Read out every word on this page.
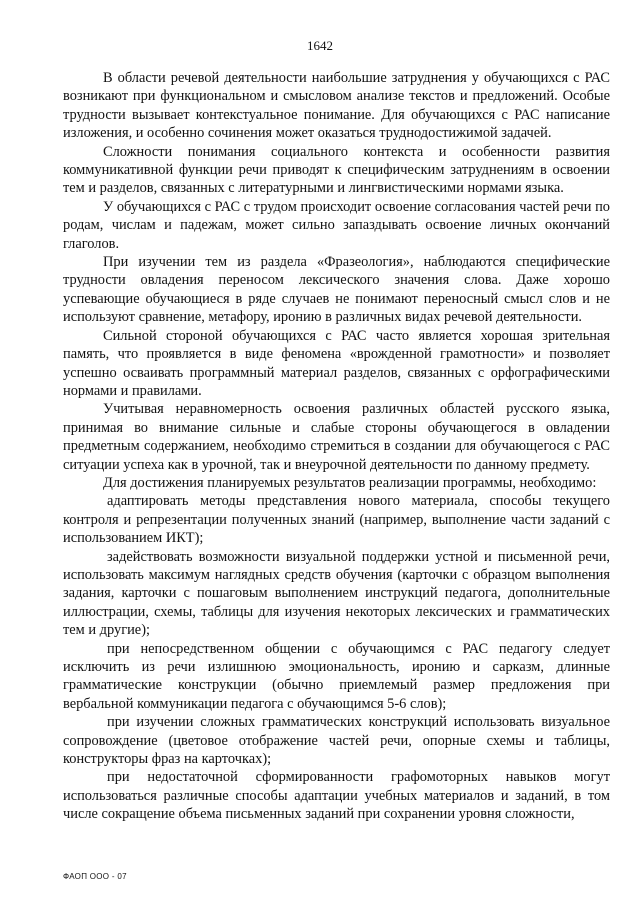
1642

В области речевой деятельности наибольшие затруднения у обучающихся с РАС возникают при функциональном и смысловом анализе текстов и предложений. Особые трудности вызывает контекстуальное понимание. Для обучающихся с РАС написание изложения, и особенно сочинения может оказаться труднодостижимой задачей.

Сложности понимания социального контекста и особенности развития коммуникативной функции речи приводят к специфическим затруднениям в освоении тем и разделов, связанных с литературными и лингвистическими нормами языка.

У обучающихся с РАС с трудом происходит освоение согласования частей речи по родам, числам и падежам, может сильно запаздывать освоение личных окончаний глаголов.

При изучении тем из раздела «Фразеология», наблюдаются специфические трудности овладения переносом лексического значения слова. Даже хорошо успевающие обучающиеся в ряде случаев не понимают переносный смысл слов и не используют сравнение, метафору, иронию в различных видах речевой деятельности.

Сильной стороной обучающихся с РАС часто является хорошая зрительная память, что проявляется в виде феномена «врожденной грамотности» и позволяет успешно осваивать программный материал разделов, связанных с орфографическими нормами и правилами.

Учитывая неравномерность освоения различных областей русского языка, принимая во внимание сильные и слабые стороны обучающегося в овладении предметным содержанием, необходимо стремиться в создании для обучающегося с РАС ситуации успеха как в урочной, так и внеурочной деятельности по данному предмету.

Для достижения планируемых результатов реализации программы, необходимо:

адаптировать методы представления нового материала, способы текущего контроля и репрезентации полученных знаний (например, выполнение части заданий с использованием ИКТ);

задействовать возможности визуальной поддержки устной и письменной речи, использовать максимум наглядных средств обучения (карточки с образцом выполнения задания, карточки с пошаговым выполнением инструкций педагога, дополнительные иллюстрации, схемы, таблицы для изучения некоторых лексических и грамматических тем и другие);

при непосредственном общении с обучающимся с РАС педагогу следует исключить из речи излишнюю эмоциональность, иронию и сарказм, длинные грамматические конструкции (обычно приемлемый размер предложения при вербальной коммуникации педагога с обучающимся 5-6 слов);

при изучении сложных грамматических конструкций использовать визуальное сопровождение (цветовое отображение частей речи, опорные схемы и таблицы, конструкторы фраз на карточках);

при недостаточной сформированности графомоторных навыков могут использоваться различные способы адаптации учебных материалов и заданий, в том числе сокращение объема письменных заданий при сохранении уровня сложности,

ФАОП ООО - 07
